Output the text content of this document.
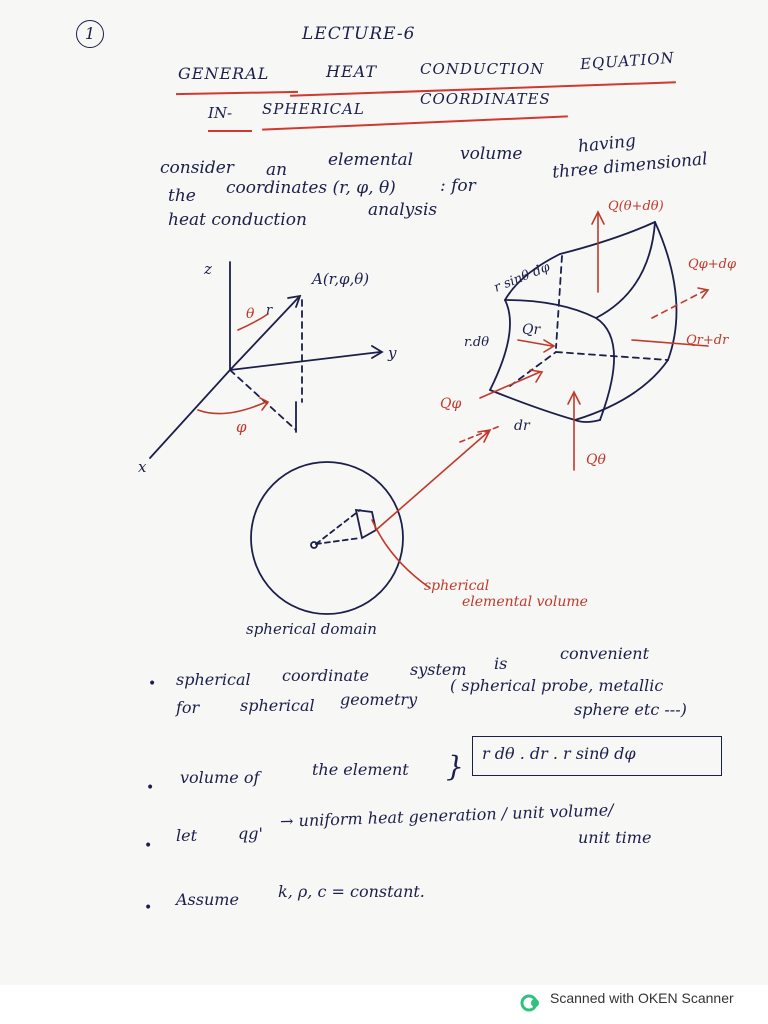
1	LECTURE-6
GENERAL	HEAT	CONDUCTION EQUATION
IN- SPHERICAL
COORDINATES
consider an elemental	volume	having
the coordinates (r, φ, θ)	: for
three dimensional
heat conduction	analysis
z
y
x
A(r,φ,θ)
θ r
φ
r sinθ dφ
r.dθ
dr
Qr
Qφ
Qθ
Q(θ+dθ)
Qφ+dφ
Qr+dr
spherical domain
spherical
elemental volume
• spherical coordinate	system is
convenient
for	spherical geometry
( spherical probe, metallic
sphere etc ---)
•
volume of	the element } r dθ . dr . r sinθ dφ
•
let	qg'
→ uniform heat generation / unit volume/
unit time
• Assume k, ρ, c = constant.
Scanned with OKEN Scanner
